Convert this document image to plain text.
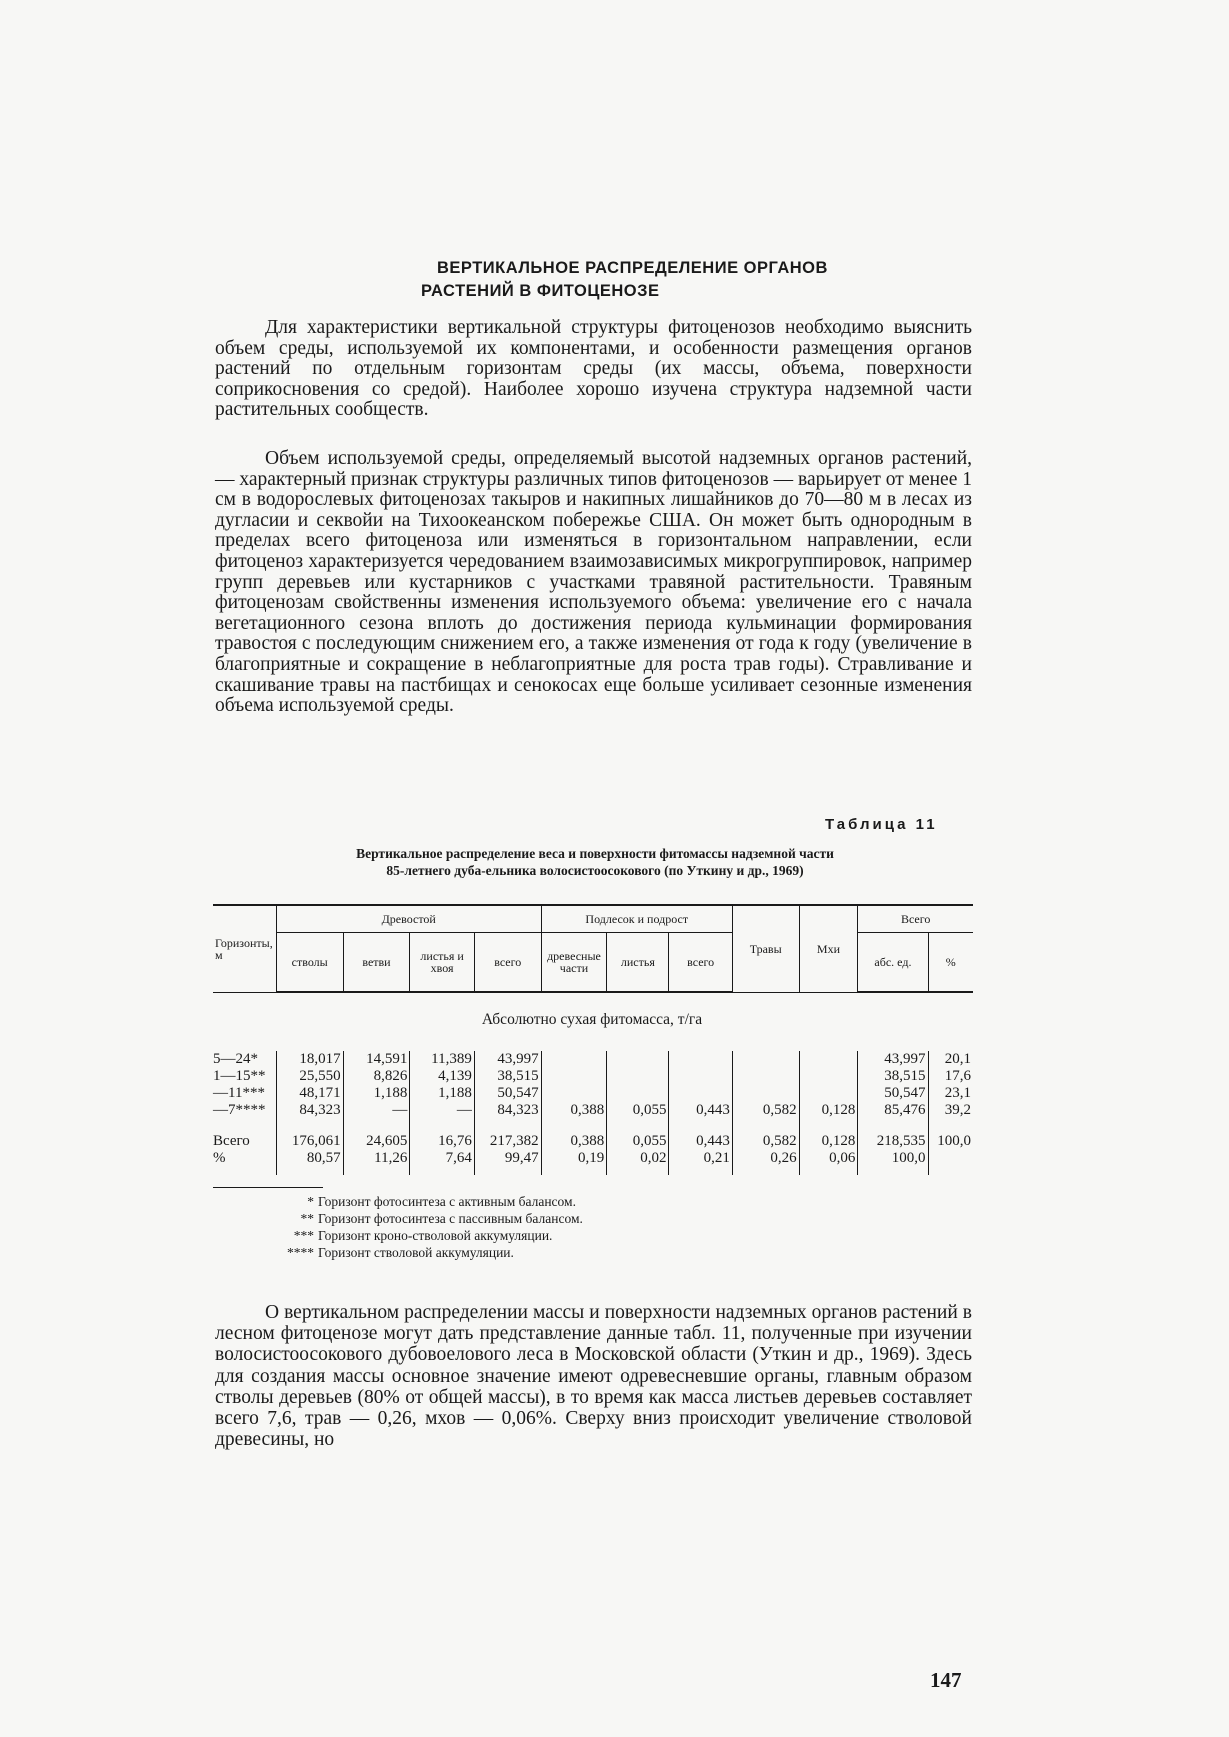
ВЕРТИКАЛЬНОЕ РАСПРЕДЕЛЕНИЕ ОРГАНОВ
РАСТЕНИЙ В ФИТОЦЕНОЗЕ

Для характеристики вертикальной структуры фитоценозов необходимо выяснить объем среды, используемой их компонентами, и особенности размещения органов растений по отдельным горизонтам среды (их массы, объема, поверхности соприкосновения со средой). Наиболее хорошо изучена структура надземной части растительных сообществ.

Объем используемой среды, определяемый высотой надземных органов растений, — характерный признак структуры различных типов фитоценозов — варьирует от менее 1 см в водорослевых фитоценозах такыров и накипных лишайников до 70—80 м в лесах из дугласии и секвойи на Тихоокеанском побережье США. Он может быть однородным в пределах всего фитоценоза или изменяться в горизонтальном направлении, если фитоценоз характеризуется чередованием взаимозависимых микрогруппировок, например групп деревьев или кустарников с участками травяной растительности. Травяным фитоценозам свойственны изменения используемого объема: увеличение его с начала вегетационного сезона вплоть до достижения периода кульминации формирования травостоя с последующим снижением его, а также изменения от года к году (увеличение в благоприятные и сокращение в неблагоприятные для роста трав годы). Стравливание и скашивание травы на пастбищах и сенокосах еще больше усиливает сезонные изменения объема используемой среды.

Таблица 11
Вертикальное распределение веса и поверхности фитомассы надземной части
85-летнего дуба-ельника волосистоосокового (по Уткину и др., 1969)
Горизонты, м	Древостой				Подлесок и подрост			Травы	Мхи	Всего	
	стволы	ветви	листья и хвоя	всего	древесные части	листья	всего			абс. ед.	%
Абсолютно сухая фитомасса, т/га											
5—24*	18,017	14,591	11,389	43,997						43,997	20,1
1—15**	25,550	8,826	4,139	38,515						38,515	17,6
—11***	48,171	1,188	1,188	50,547						50,547	23,1
—7****	84,323	—	—	84,323	0,388	0,055	0,443	0,582	0,128	85,476	39,2

Всего	176,061	24,605	16,76	217,382	0,388	0,055	0,443	0,582	0,128	218,535	100,0
%	80,57	11,26	7,64	99,47	0,19	0,02	0,21	0,26	0,06	100,0	

* Горизонт фотосинтеза с активным балансом.
** Горизонт фотосинтеза с пассивным балансом.
*** Горизонт кроно-стволовой аккумуляции.
**** Горизонт стволовой аккумуляции.

О вертикальном распределении массы и поверхности надземных органов растений в лесном фитоценозе могут дать представление данные табл. 11, полученные при изучении волосистоосокового дубовоелового леса в Московской области (Уткин и др., 1969). Здесь для создания массы основное значение имеют одревесневшие органы, главным образом стволы деревьев (80% от общей массы), в то время как масса листьев деревьев составляет всего 7,6, трав — 0,26, мхов — 0,06%. Сверху вниз происходит увеличение стволовой древесины, но

147
